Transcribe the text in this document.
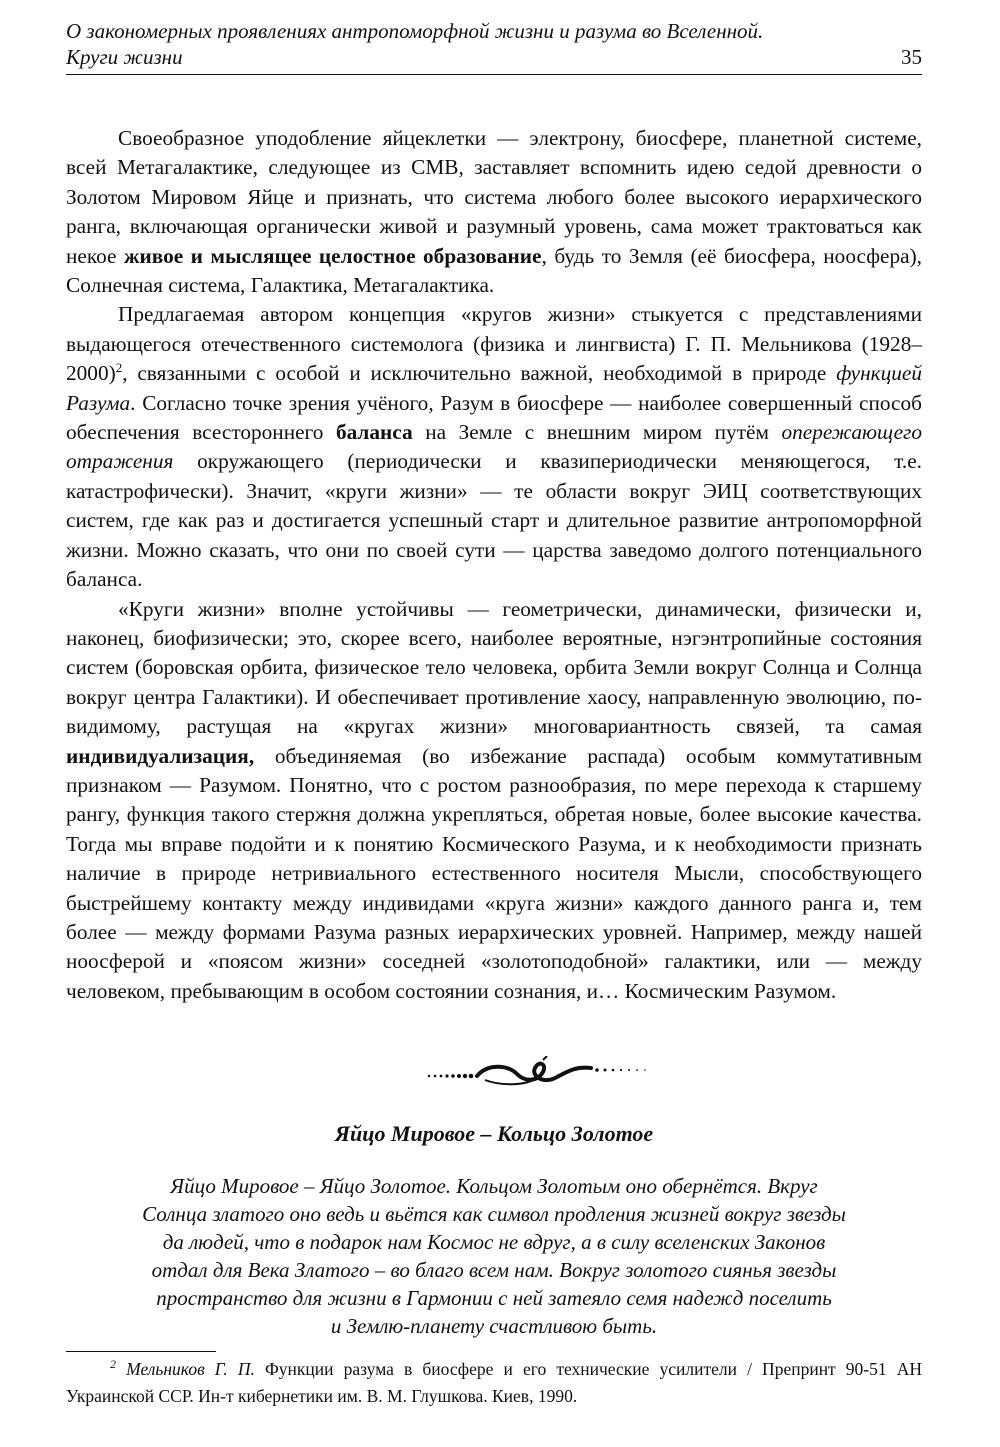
О закономерных проявлениях антропоморфной жизни и разума во Вселенной.
Круги жизни	35

Своеобразное уподобление яйцеклетки — электрону, биосфере, планетной системе, всей Метагалактике, следующее из СМВ, заставляет вспомнить идею седой древности о Золотом Мировом Яйце и признать, что система любого более высокого иерархического ранга, включающая органически живой и разумный уровень, сама может трактоваться как некое живое и мыслящее целостное образование, будь то Земля (её биосфера, ноосфера), Солнечная система, Галактика, Метагалактика.

Предлагаемая автором концепция «кругов жизни» стыкуется с представлениями выдающегося отечественного системолога (физика и лингвиста) Г. П. Мельникова (1928–2000)$^2$, связанными с особой и исключительно важной, необходимой в природе функцией Разума. Согласно точке зрения учёного, Разум в биосфере — наиболее совершенный способ обеспечения всестороннего баланса на Земле с внешним миром путём опережающего отражения окружающего (периодически и квазипериодически меняющегося, т.е. катастрофически). Значит, «круги жизни» — те области вокруг ЭИЦ соответствующих систем, где как раз и достигается успешный старт и длительное развитие антропоморфной жизни. Можно сказать, что они по своей сути — царства заведомо долгого потенциального баланса.

«Круги жизни» вполне устойчивы — геометрически, динамически, физически и, наконец, биофизически; это, скорее всего, наиболее вероятные, нэгэнтропийные состояния систем (боровская орбита, физическое тело человека, орбита Земли вокруг Солнца и Солнца вокруг центра Галактики). И обеспечивает противление хаосу, направленную эволюцию, по-видимому, растущая на «кругах жизни» многовариантность связей, та самая индивидуализация, объединяемая (во избежание распада) особым коммутативным признаком — Разумом. Понятно, что с ростом разнообразия, по мере перехода к старшему рангу, функция такого стержня должна укрепляться, обретая новые, более высокие качества. Тогда мы вправе подойти и к понятию Космического Разума, и к необходимости признать наличие в природе нетривиального естественного носителя Мысли, способствующего быстрейшему контакту между индивидами «круга жизни» каждого данного ранга и, тем более — между формами Разума разных иерархических уровней. Например, между нашей ноосферой и «поясом жизни» соседней «золотоподобной» галактики, или — между человеком, пребывающим в особом состоянии сознания, и… Космическим Разумом.

Яйцо Мировое – Кольцо Золотое
Яйцо Мировое – Яйцо Золотое. Кольцом Золотым оно обернётся. Вкруг
Солнца златого оно ведь и вьётся как символ продления жизней вокруг звезды
да людей, что в подарок нам Космос не вдруг, а в силу вселенских Законов
отдал для Века Златого – во благо всем нам. Вокруг золотого сиянья звезды
пространство для жизни в Гармонии с ней затеяло семя надежд поселить
и Землю-планету счастливою быть.
$^2$ Мельников Г. П. Функции разума в биосфере и его технические усилители / Препринт 90-51 АН Украинской ССР. Ин-т кибернетики им. В. М. Глушкова. Киев, 1990.
